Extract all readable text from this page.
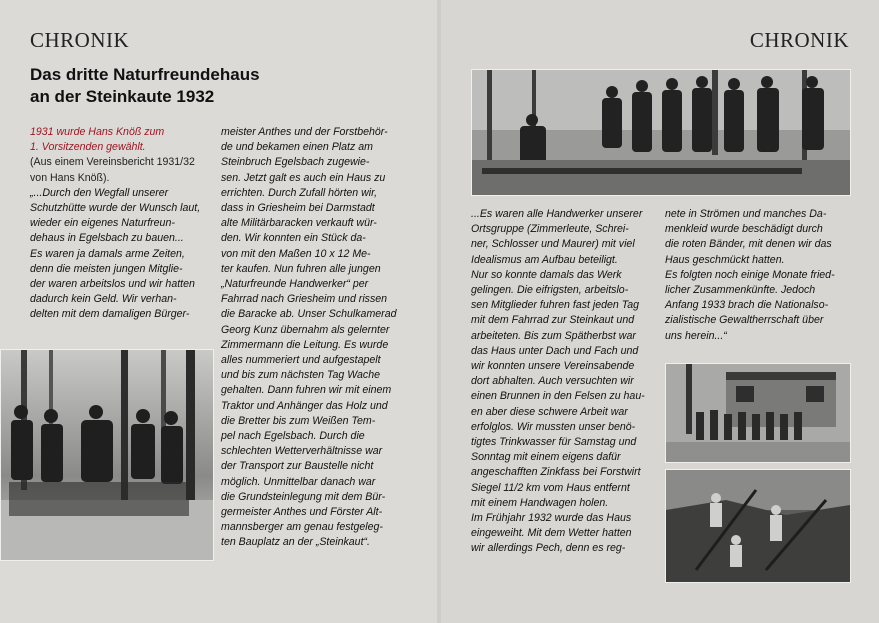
CHRONIK
Das dritte Naturfreundehaus
an der Steinkaute 1932
1931 wurde Hans Knöß zum
1. Vorsitzenden gewählt.
(Aus einem Vereinsbericht 1931/32
von Hans Knöß).
„...Durch den Wegfall unserer
Schutzhütte wurde der Wunsch laut,
wieder ein eigenes Naturfreun-
dehaus in Egelsbach zu bauen...
Es waren ja damals arme Zeiten,
denn die meisten jungen Mitglie-
der waren arbeitslos und wir hatten
dadurch kein Geld. Wir verhan-
delten mit dem damaligen Bürger-
meister Anthes und der Forstbehör-
de und bekamen einen Platz am
Steinbruch Egelsbach zugewie-
sen. Jetzt galt es auch ein Haus zu
errichten. Durch Zufall hörten wir,
dass in Griesheim bei Darmstadt
alte Militärbaracken verkauft wür-
den. Wir konnten ein Stück da-
von mit den Maßen 10 x 12 Me-
ter kaufen. Nun fuhren alle jungen
„Naturfreunde Handwerker“ per
Fahrrad nach Griesheim und rissen
die Baracke ab. Unser Schulkamerad
Georg Kunz übernahm als gelernter
Zimmermann die Leitung. Es wurde
alles nummeriert und aufgestapelt
und bis zum nächsten Tag Wache
gehalten. Dann fuhren wir mit einem
Traktor und Anhänger das Holz und
die Bretter bis zum Weißen Tem-
pel nach Egelsbach. Durch die
schlechten Wetterverhältnisse war
der Transport zur Baustelle nicht
möglich. Unmittelbar danach war
die Grundsteinlegung mit dem Bür-
germeister Anthes und Förster Alt-
mannsberger am genau festgeleg-
ten Bauplatz an der „Steinkaut“.
CHRONIK
...Es waren alle Handwerker unserer
Ortsgruppe (Zimmerleute, Schrei-
ner, Schlosser und Maurer) mit viel
Idealismus am Aufbau beteiligt.
Nur so konnte damals das Werk
gelingen. Die eifrigsten, arbeitslo-
sen Mitglieder fuhren fast jeden Tag
mit dem Fahrrad zur Steinkaut und
arbeiteten. Bis zum Spätherbst war
das Haus unter Dach und Fach und
wir konnten unsere Vereinsabende
dort abhalten. Auch versuchten wir
einen Brunnen in den Felsen zu hau-
en aber diese schwere Arbeit war
erfolglos. Wir mussten unser benö-
tigtes Trinkwasser für Samstag und
Sonntag mit einem eigens dafür
angeschafften Zinkfass bei Forstwirt
Siegel 11/2 km vom Haus entfernt
mit einem Handwagen holen.
Im Frühjahr 1932 wurde das Haus
eingeweiht. Mit dem Wetter hatten
wir allerdings Pech, denn es reg-
nete in Strömen und manches Da-
menkleid wurde beschädigt durch
die roten Bänder, mit denen wir das
Haus geschmückt hatten.
Es folgten noch einige Monate fried-
licher Zusammenkünfte. Jedoch
Anfang 1933 brach die Nationalso-
zialistische Gewaltherrschaft über
uns herein...“
